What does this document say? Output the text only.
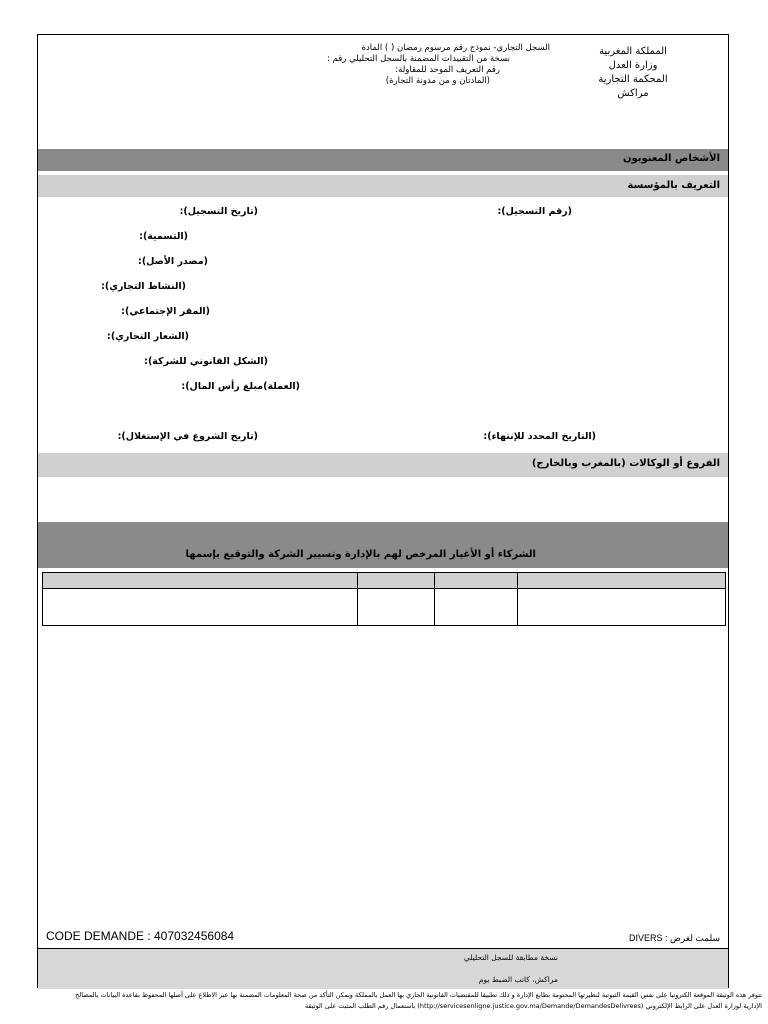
المملكة المغربية
وزارة العدل
المحكمة التجارية
مراكش
السجل التجاري- نموذج رقم مرسوم رمضان ( ) المادة
نسخة من التقييدات المضمنة بالسجل التحليلي رقم :
رقم التعريف الموحد للمقاولة:
(المادتان و من مدونة التجارة)
الأشخاص المعنويون
التعريف بالمؤسسة
(رقم التسجيل):
(تاريخ التسجيل):
(التسمية):
(مصدر الأصل):
(النشاط التجاري):
(المقر الإجتماعي):
(الشعار التجاري):
(الشكل القانوني للشركة):
(العملة)مبلغ رأس المال):
(التاريخ المحدد للإنتهاء):
(تاريخ الشروع في الإستغلال):
الفروع أو الوكالات (بالمغرب وبالخارج)
الشركاء أو الأغيار المرخص لهم بالإدارة وتسيير الشركة والتوقيع بإسمها

CODE DEMANDE : 407032456084	سلمت لغرض : DIVERS
نسخة مطابقة للسجل التحليلي
مراكش، كاتب الضبط يوم
تتوفر هذه الوثيقة الموقعة الكترونيا على نفس القيمة الثبوتية لنظيرتها المختومة بطابع الإدارة و ذلك تطبيقا للمقتضيات القانونية الجاري بها العمل بالمملكة ويمكن التأكد من صحة المعلومات المضمنة بها عبر الاطلاع على أصلها المحفوظ بقاعدة البيانات بالمصالح
الإدارية لوزارة العدل على الرابط الإلكتروني (http://servicesenligne.justice.gov.ma/Demande/DemandesDelivrees) باستعمال رقم الطلب المثبت على الوثيقة
